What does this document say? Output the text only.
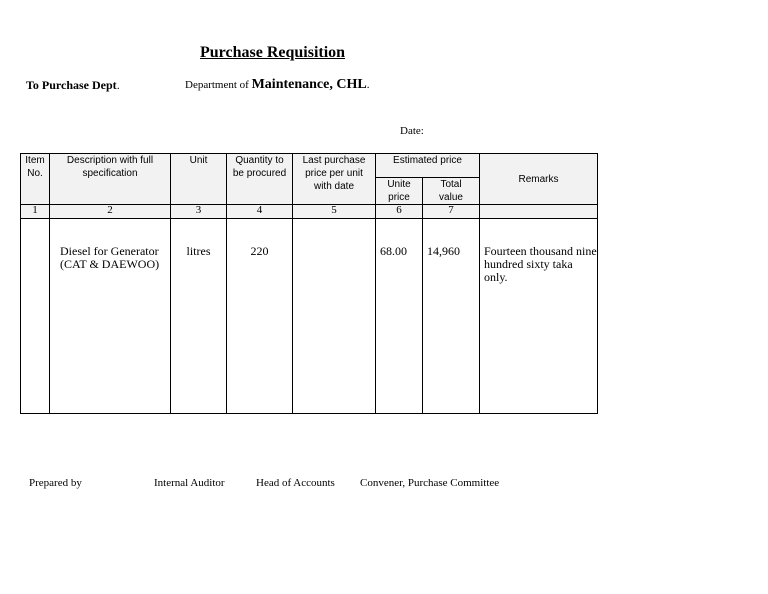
Purchase Requisition
To Purchase Dept.	Department of Maintenance, CHL.
Date:
Item No.	Description with full specification	Unit	Quantity to be procured	Last purchase price per unit with date	Estimated price		Remarks
					Unite price	Total value	
1	2	3	4	5	6	7	
	Diesel for Generator (CAT & DAEWOO)	litres	220		68.00	14,960	Fourteen thousand nine hundred sixty taka only.
Prepared by	Internal Auditor	Head of Accounts Convener, Purchase Committee
